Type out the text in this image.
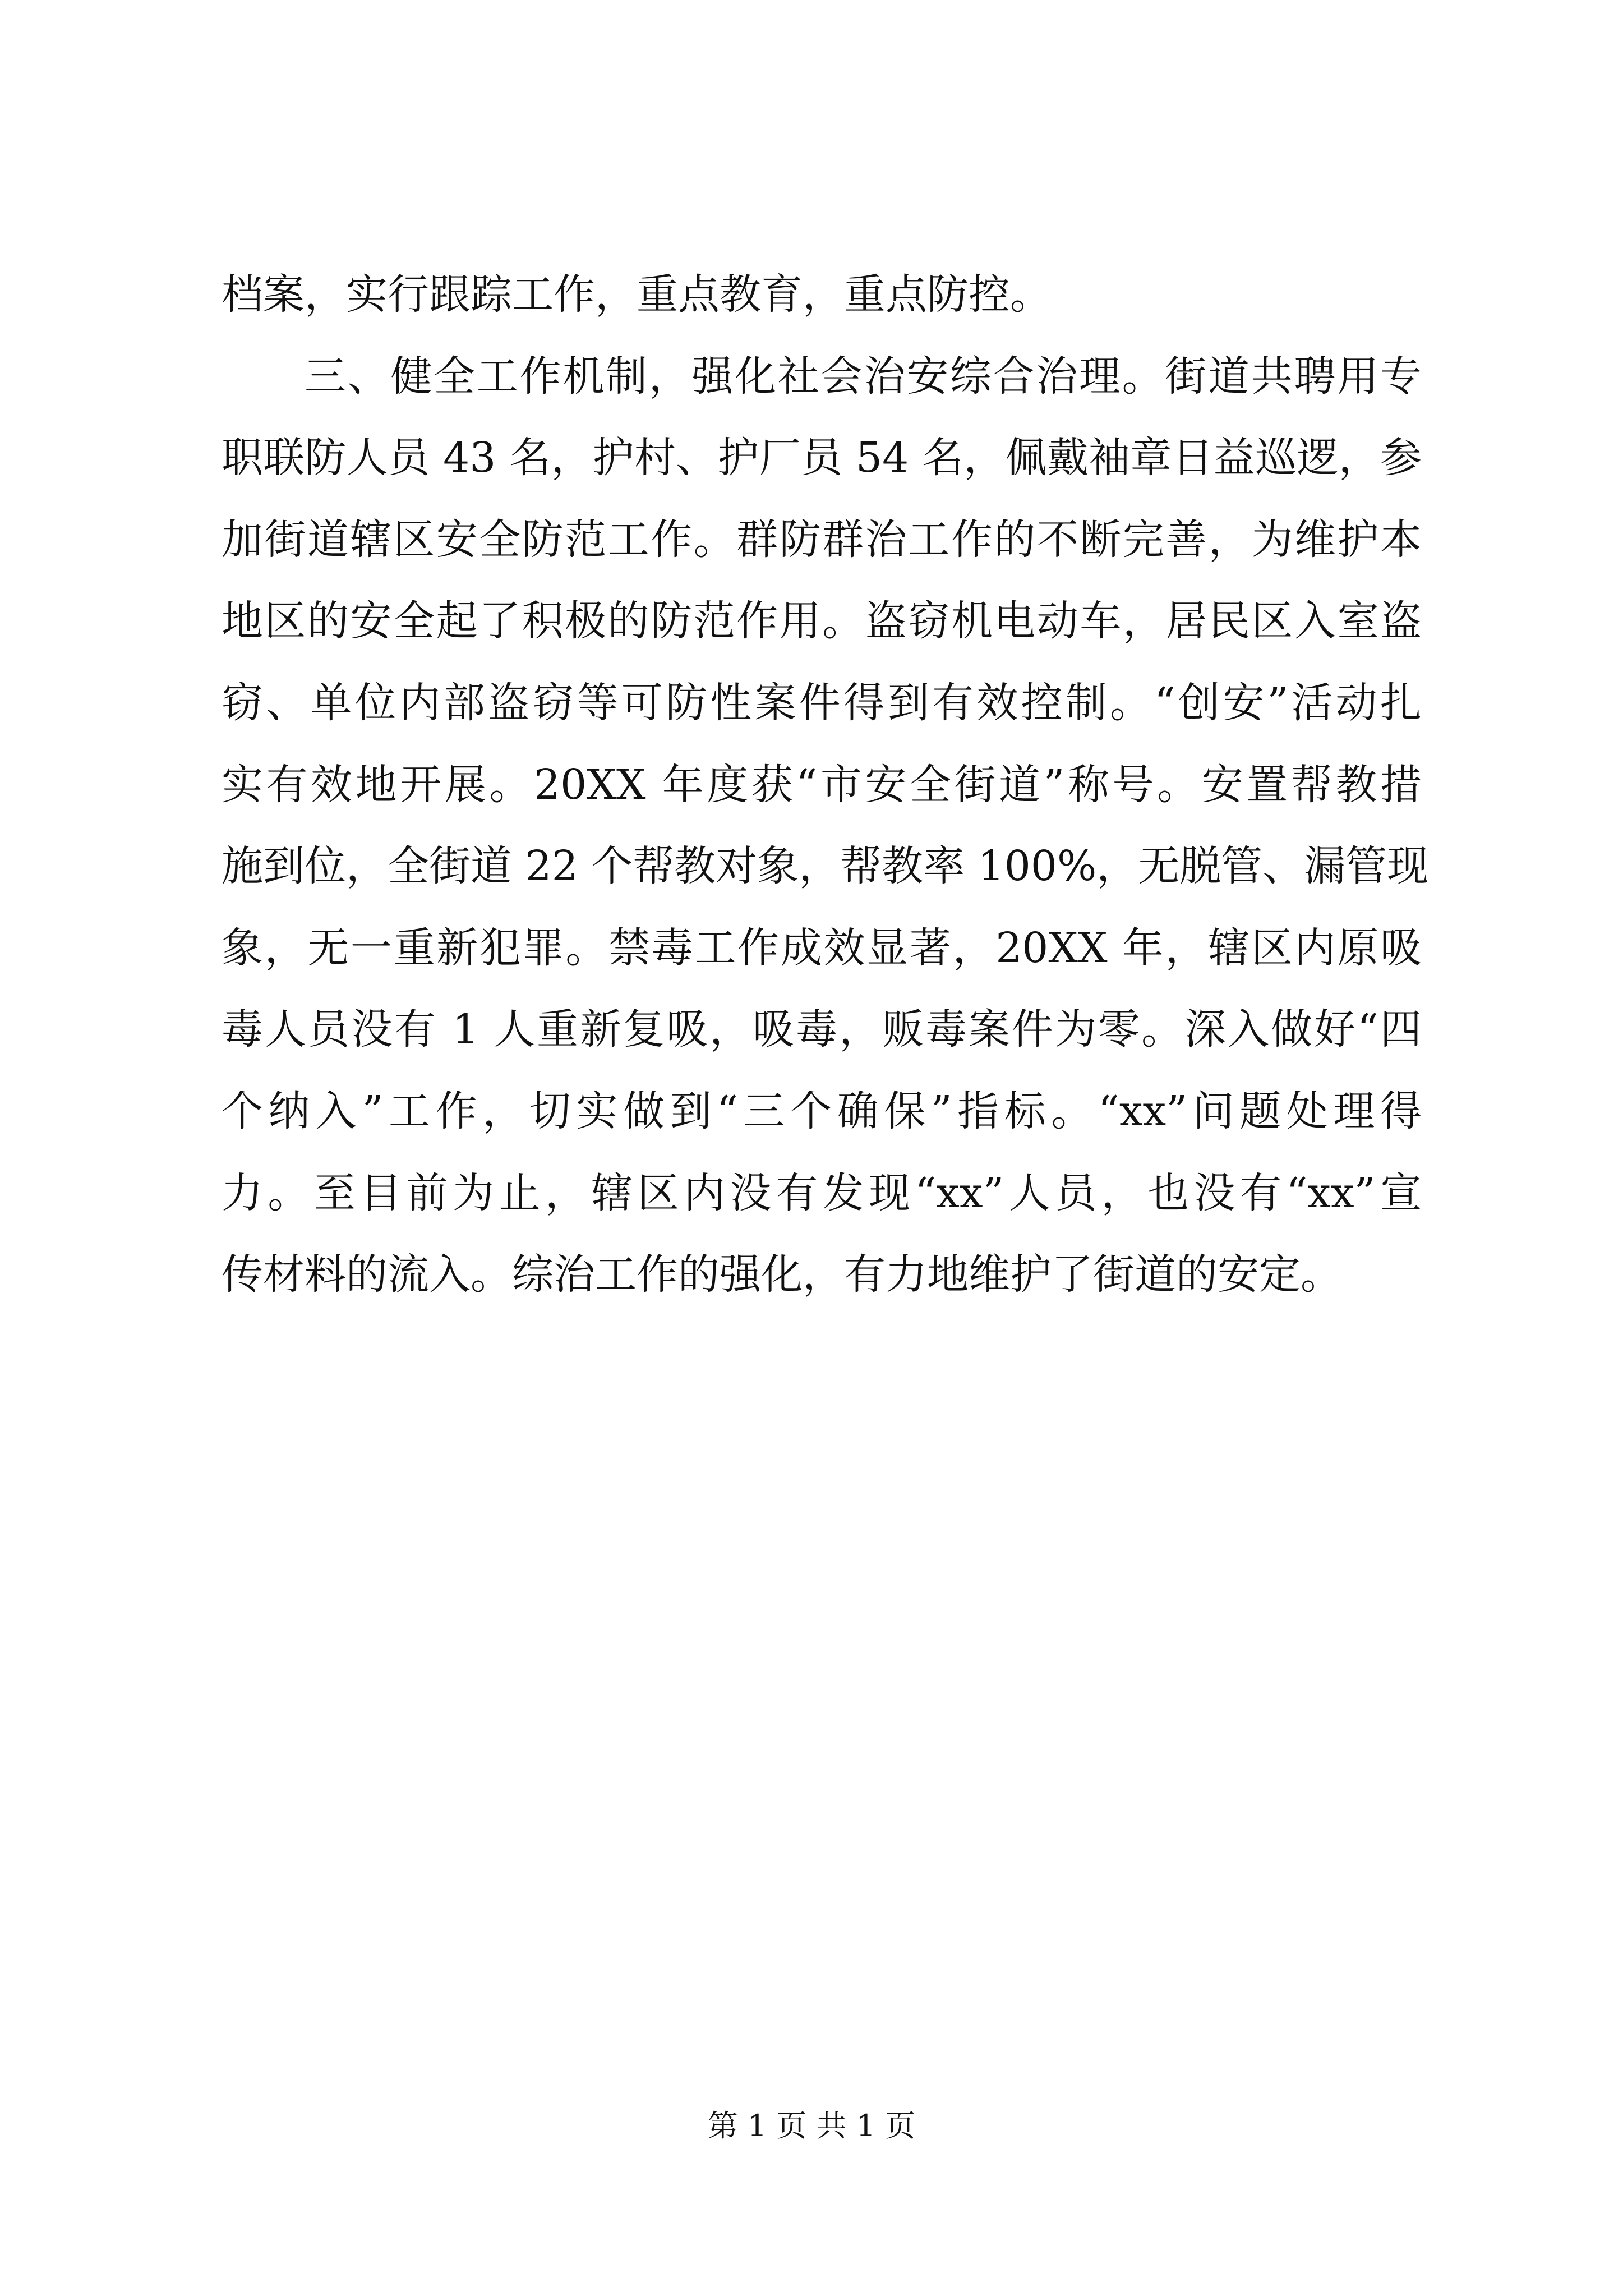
档案，实行跟踪工作，重点教育，重点防控。
三、健全工作机制，强化社会治安综合治理。街道共聘用专
职联防人员 43 名，护村、护厂员 54 名，佩戴袖章日益巡逻，参
加街道辖区安全防范工作。群防群治工作的不断完善，为维护本
地区的安全起了积极的防范作用。盗窃机电动车，居民区入室盗
窃、单位内部盗窃等可防性案件得到有效控制。“创安”活动扎
实有效地开展。20XX 年度获“市安全街道”称号。安置帮教措
施到位，全街道 22 个帮教对象，帮教率 100%，无脱管、漏管现
象，无一重新犯罪。禁毒工作成效显著，20XX 年，辖区内原吸
毒人员没有 1 人重新复吸，吸毒，贩毒案件为零。深入做好“四
个纳入”工作，切实做到“三个确保”指标。“xx”问题处理得
力。至目前为止，辖区内没有发现“xx”人员，也没有“xx”宣
传材料的流入。综治工作的强化，有力地维护了街道的安定。
第 1 页 共 1 页
